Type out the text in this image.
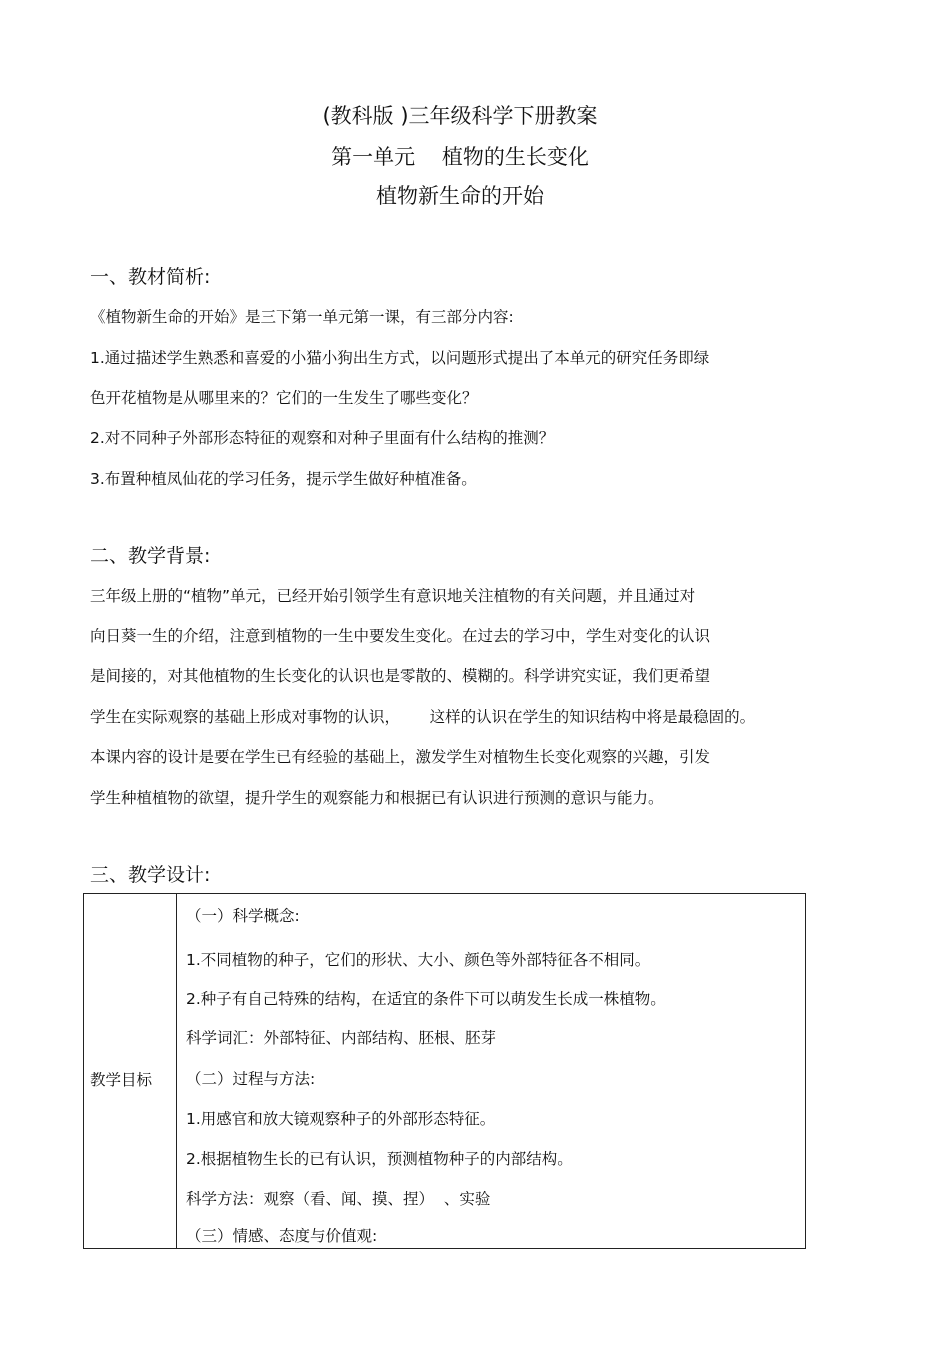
(教科版 )三年级科学下册教案
第一单元    植物的生长变化
植物新生命的开始
一、教材简析:
《植物新生命的开始》是三下第一单元第一课，有三部分内容:
1.通过描述学生熟悉和喜爱的小猫小狗出生方式，以问题形式提出了本单元的研究任务即绿
色开花植物是从哪里来的？它们的一生发生了哪些变化？
2.对不同种子外部形态特征的观察和对种子里面有什么结构的推测？
3.布置种植凤仙花的学习任务，提示学生做好种植准备。
二、教学背景:
三年级上册的“植物”单元，已经开始引领学生有意识地关注植物的有关问题，并且通过对
向日葵一生的介绍，注意到植物的一生中要发生变化。在过去的学习中，学生对变化的认识
是间接的，对其他植物的生长变化的认识也是零散的、模糊的。科学讲究实证，我们更希望
学生在实际观察的基础上形成对事物的认识，      这样的认识在学生的知识结构中将是最稳固的。
本课内容的设计是要在学生已有经验的基础上，激发学生对植物生长变化观察的兴趣，引发
学生种植植物的欲望，提升学生的观察能力和根据已有认识进行预测的意识与能力。
三、教学设计:
教学目标
（一）科学概念:
1.不同植物的种子，它们的形状、大小、颜色等外部特征各不相同。
2.种子有自己特殊的结构，在适宜的条件下可以萌发生长成一株植物。
科学词汇：外部特征、内部结构、胚根、胚芽
（二）过程与方法:
1.用感官和放大镜观察种子的外部形态特征。
2.根据植物生长的已有认识，预测植物种子的内部结构。
科学方法：观察（看、闻、摸、捏）  、实验
（三）情感、态度与价值观:
